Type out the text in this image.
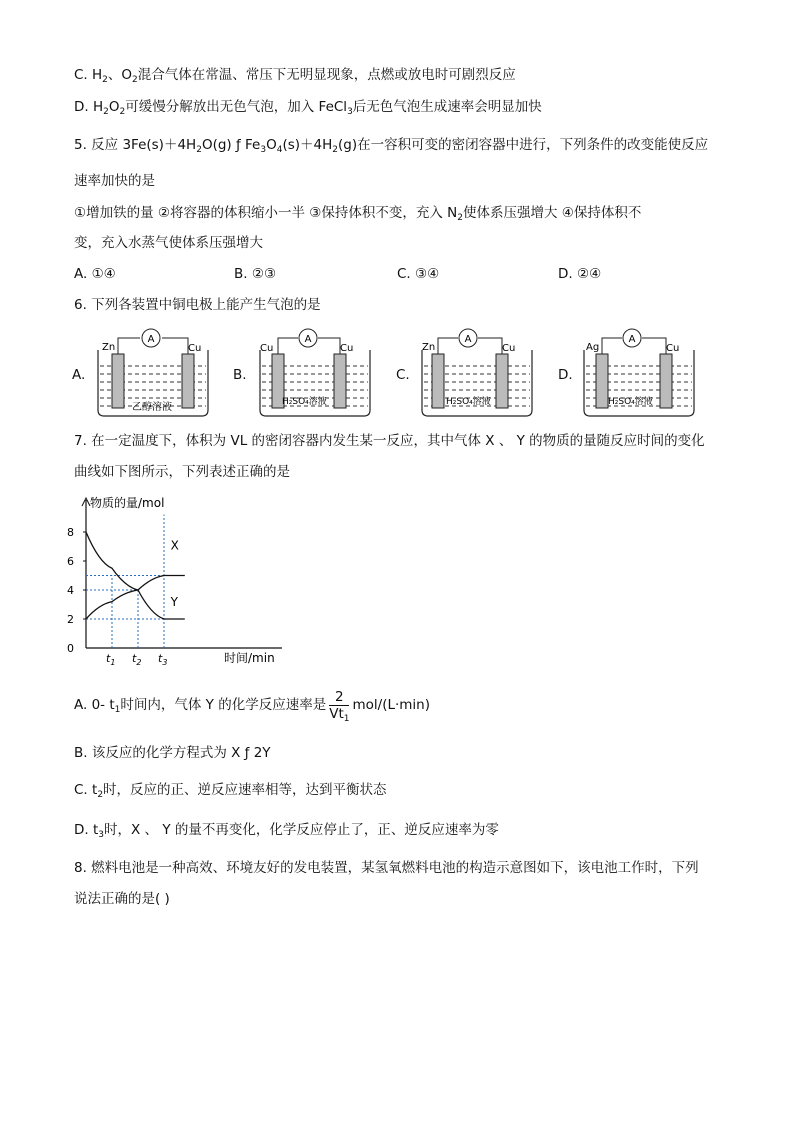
C. $H_2$、$O_2$混合气体在常温、常压下无明显现象，点燃或放电时可剧烈反应
D. $H_2O_2$可缓慢分解放出无色气泡，加入 FeCl$_3$后无色气泡生成速率会明显加快
5. 反应 $3Fe(s)+4H_2O(g)$ ƒ $Fe_3O_4(s)+4H_2(g)$在一容积可变的密闭容器中进行，下列条件的改变能使反应
速率加快的是
①增加铁的量 ②将容器的体积缩小一半 ③保持体积不变，充入 $N_2$使体系压强增大 ④保持体积不
变，充入水蒸气使体系压强增大
A. ①④	B. ②③	C. ③④	D. ②④
6. 下列各装置中铜电极上能产生气泡的是
A.
A
Zn	Cu
乙醇溶液
B.
A
Cu	Cu
H₂SO₄溶液
C.
A
Zn	Cu
H₂SO₄溶液
D.
A
Ag	Cu
H₂SO₄溶液
7. 在一定温度下，体积为 VL 的密闭容器内发生某一反应，其中气体 X 、 Y 的物质的量随反应时间的变化
曲线如下图所示，下列表述正确的是
物质的量/mol
时间/min
0
2
4
6
8
X
Y
$t_1$ $t_2$ $t_3$
A. 0- $t_1$时间内，气体 Y 的化学反应速率是 $\frac{2}{Vt_1} mol/(L\cdot\min)$
B. 该反应的化学方程式为 X ƒ 2Y
C. $t_2$时，反应的正、逆反应速率相等，达到平衡状态
D. $t_3$时，X 、 Y 的量不再变化，化学反应停止了，正、逆反应速率为零
8. 燃料电池是一种高效、环境友好的发电装置，某氢氧燃料电池的构造示意图如下，该电池工作时，下列
说法正确的是( )
